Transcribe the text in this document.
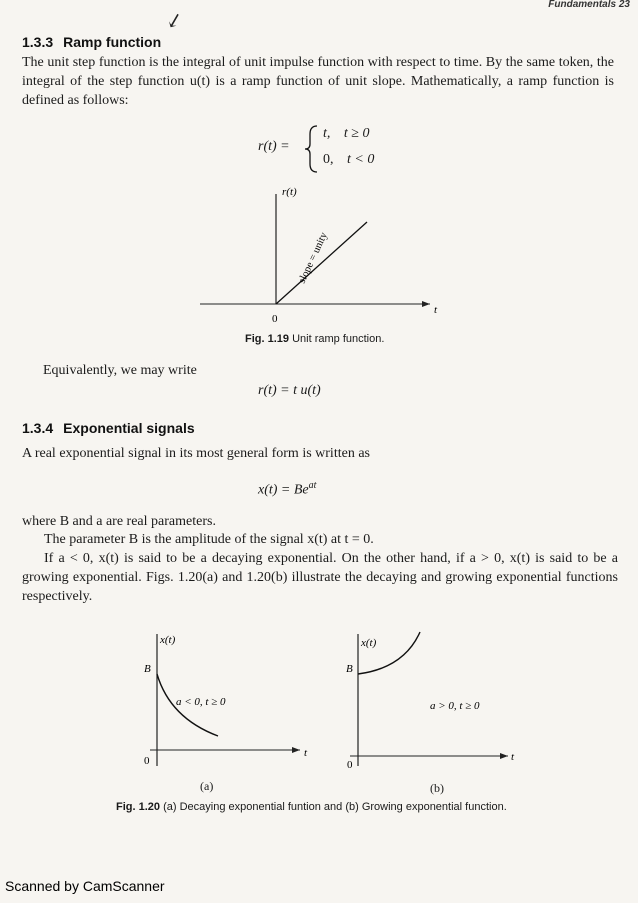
Fundamentals 23
↙
1.3.3 Ramp function
The unit step function is the integral of unit impulse function with respect to time. By the same token, the integral of the step function u(t) is a ramp function of unit slope. Mathematically, a ramp function is defined as follows:
r(t) =
t, t ≥ 0
0, t < 0
r(t)
t
0
slope = unity
Fig. 1.19 Unit ramp function.
Equivalently, we may write
r(t) = t u(t)
1.3.4 Exponential signals
A real exponential signal in its most general form is written as
$x(t) = Be^{at}$
where B and a are real parameters.
The parameter B is the amplitude of the signal x(t) at t = 0.
If a < 0, x(t) is said to be a decaying exponential. On the other hand, if a > 0, x(t) is said to be a growing exponential. Figs. 1.20(a) and 1.20(b) illustrate the decaying and growing exponential functions respectively.
x(t)
B
a < 0, t ≥ 0
0
t
x(t)
B
a > 0, t ≥ 0
0
t
(a)	(b)
Fig. 1.20 (a) Decaying exponential funtion and (b) Growing exponential function.
Scanned by CamScanner
